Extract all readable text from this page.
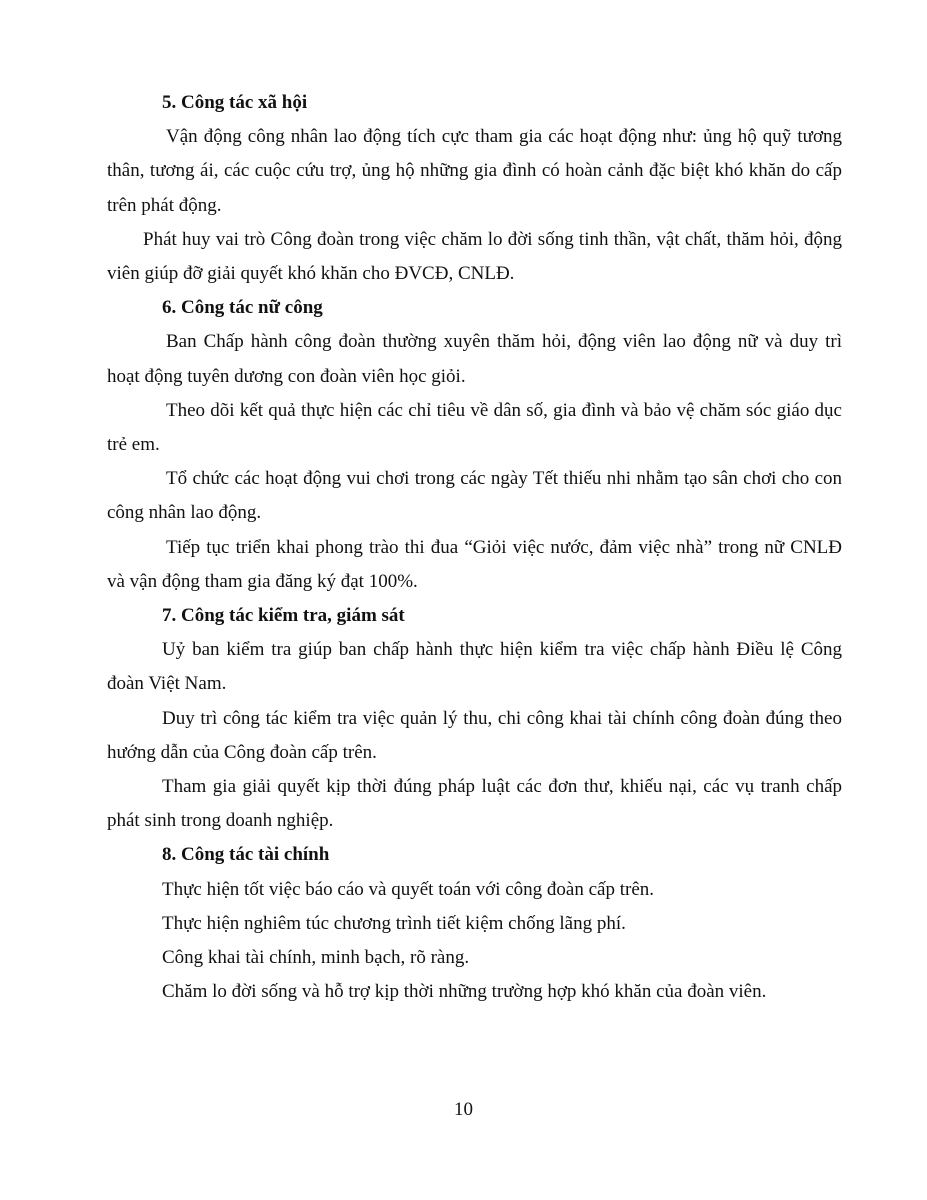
5. Công tác xã hội

Vận động công nhân lao động tích cực tham gia các hoạt động như: ủng hộ quỹ tương thân, tương ái, các cuộc cứu trợ, ủng hộ những gia đình có hoàn cảnh đặc biệt khó khăn do cấp trên phát động.

Phát huy vai trò Công đoàn trong việc chăm lo đời sống tinh thần, vật chất, thăm hỏi, động viên giúp đỡ giải quyết khó khăn cho ĐVCĐ, CNLĐ.

6. Công tác nữ công

Ban Chấp hành công đoàn thường xuyên thăm hỏi, động viên lao động nữ và duy trì hoạt động tuyên dương con đoàn viên học giỏi.

Theo dõi kết quả thực hiện các chỉ tiêu về dân số, gia đình và bảo vệ chăm sóc giáo dục trẻ em.

Tổ chức các hoạt động vui chơi trong các ngày Tết thiếu nhi nhằm tạo sân chơi cho con công nhân lao động.

Tiếp tục triển khai phong trào thi đua “Giỏi việc nước, đảm việc nhà” trong nữ CNLĐ và vận động tham gia đăng ký đạt 100%.

7. Công tác kiểm tra, giám sát

Uỷ ban kiểm tra giúp ban chấp hành thực hiện kiểm tra việc chấp hành Điều lệ Công đoàn Việt Nam.

Duy trì công tác kiểm tra việc quản lý thu, chi công khai tài chính công đoàn đúng theo hướng dẫn của Công đoàn cấp trên.

Tham gia giải quyết kịp thời đúng pháp luật các đơn thư, khiếu nại, các vụ tranh chấp phát sinh trong doanh nghiệp.

8. Công tác tài chính

Thực hiện tốt việc báo cáo và quyết toán với công đoàn cấp trên.

Thực hiện nghiêm túc chương trình tiết kiệm chống lãng phí.

Công khai tài chính, minh bạch, rõ ràng.

Chăm lo đời sống và hỗ trợ kịp thời những trường hợp khó khăn của đoàn viên.

10
